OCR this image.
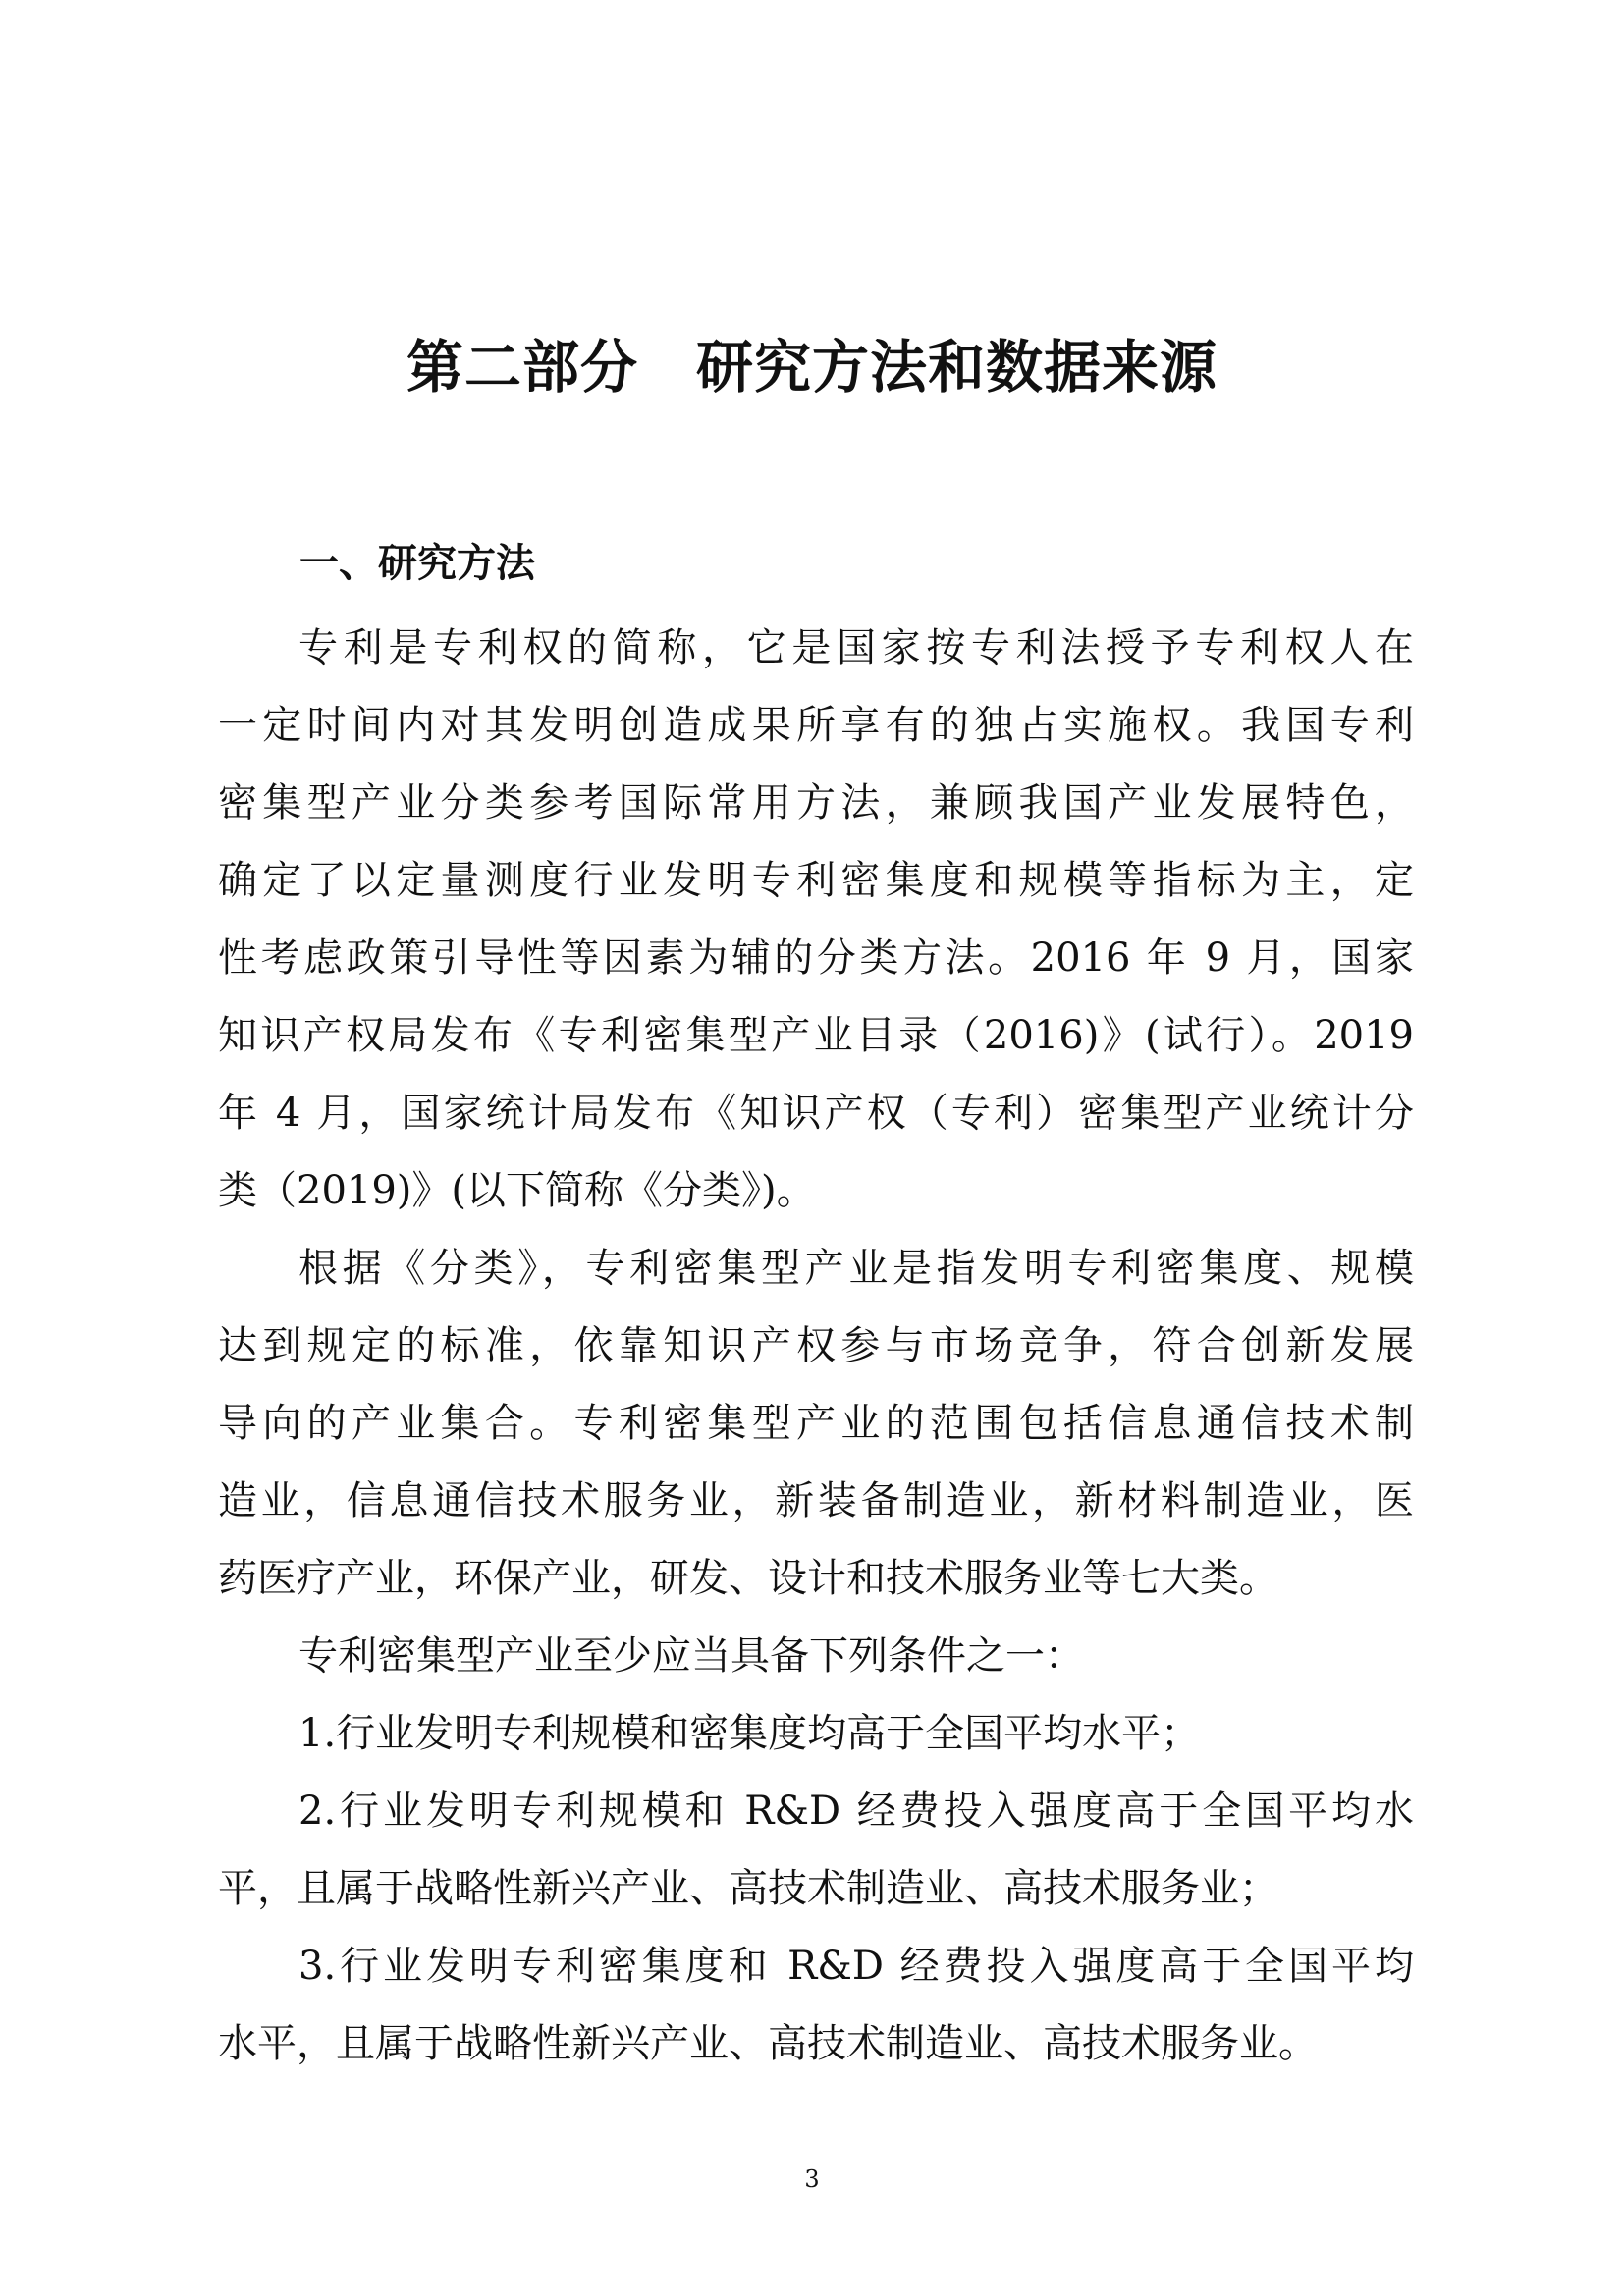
第二部分　研究方法和数据来源
一、研究方法
专利是专利权的简称，它是国家按专利法授予专利权人在
一定时间内对其发明创造成果所享有的独占实施权。我国专利
密集型产业分类参考国际常用方法，兼顾我国产业发展特色，
确定了以定量测度行业发明专利密集度和规模等指标为主，定
性考虑政策引导性等因素为辅的分类方法。2016 年 9 月，国家
知识产权局发布《专利密集型产业目录（2016)》(试行）。2019
年 4 月，国家统计局发布《知识产权（专利）密集型产业统计分
类（2019)》(以下简称《分类》)。
根据《分类》，专利密集型产业是指发明专利密集度、规模
达到规定的标准，依靠知识产权参与市场竞争，符合创新发展
导向的产业集合。专利密集型产业的范围包括信息通信技术制
造业，信息通信技术服务业，新装备制造业，新材料制造业，医
药医疗产业，环保产业，研发、设计和技术服务业等七大类。
专利密集型产业至少应当具备下列条件之一：
1.行业发明专利规模和密集度均高于全国平均水平；
2.行业发明专利规模和 R&D 经费投入强度高于全国平均水
平，且属于战略性新兴产业、高技术制造业、高技术服务业；
3.行业发明专利密集度和 R&D 经费投入强度高于全国平均
水平，且属于战略性新兴产业、高技术制造业、高技术服务业。
3
